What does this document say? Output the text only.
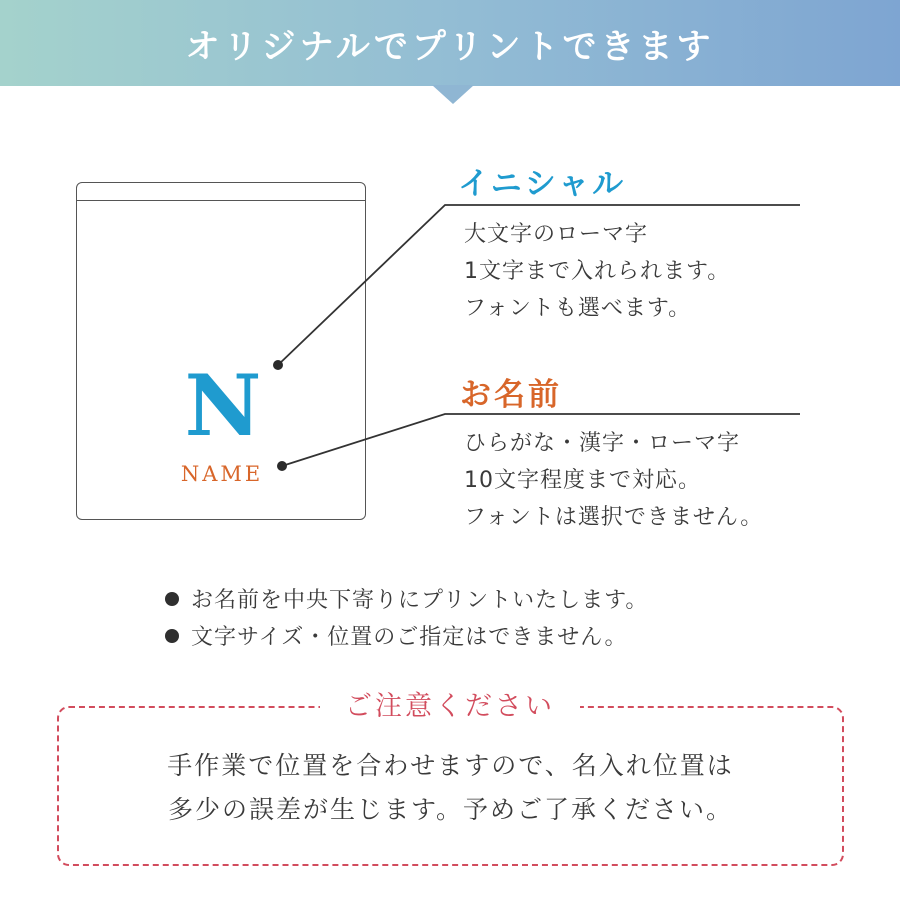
オリジナルでプリントできます
N
NAME
イニシャル
大文字のローマ字
1文字まで入れられます。
フォントも選べます。
お名前
ひらがな・漢字・ローマ字
10文字程度まで対応。
フォントは選択できません。
お名前を中央下寄りにプリントいたします。
文字サイズ・位置のご指定はできません。
ご注意ください
手作業で位置を合わせますので、名入れ位置は
多少の誤差が生じます。予めご了承ください。
